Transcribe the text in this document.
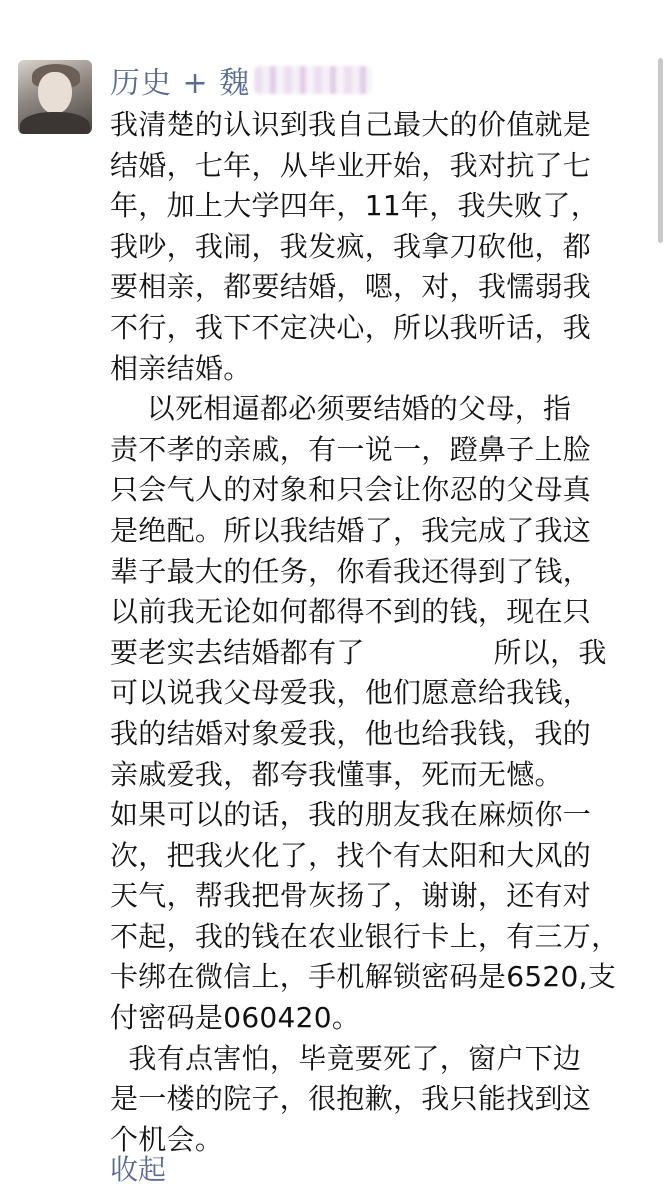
历史 + 魏
我清楚的认识到我自己最大的价值就是
结婚，七年，从毕业开始，我对抗了七
年，加上大学四年，11年，我失败了，
我吵，我闹，我发疯，我拿刀砍他，都
要相亲，都要结婚，嗯，对，我懦弱我
不行，我下不定决心，所以我听话，我
相亲结婚。
以死相逼都必须要结婚的父母，指
责不孝的亲戚，有一说一，蹬鼻子上脸
只会气人的对象和只会让你忍的父母真
是绝配。所以我结婚了，我完成了我这
辈子最大的任务，你看我还得到了钱，
以前我无论如何都得不到的钱，现在只
要老实去结婚都有了              所以，我
可以说我父母爱我，他们愿意给我钱，
我的结婚对象爱我，他也给我钱，我的
亲戚爱我，都夸我懂事，死而无憾。
如果可以的话，我的朋友我在麻烦你一
次，把我火化了，找个有太阳和大风的
天气，帮我把骨灰扬了，谢谢，还有对
不起，我的钱在农业银行卡上，有三万，
卡绑在微信上，手机解锁密码是6520,支
付密码是060420。
我有点害怕，毕竟要死了，窗户下边
是一楼的院子，很抱歉，我只能找到这
个机会。
收起
